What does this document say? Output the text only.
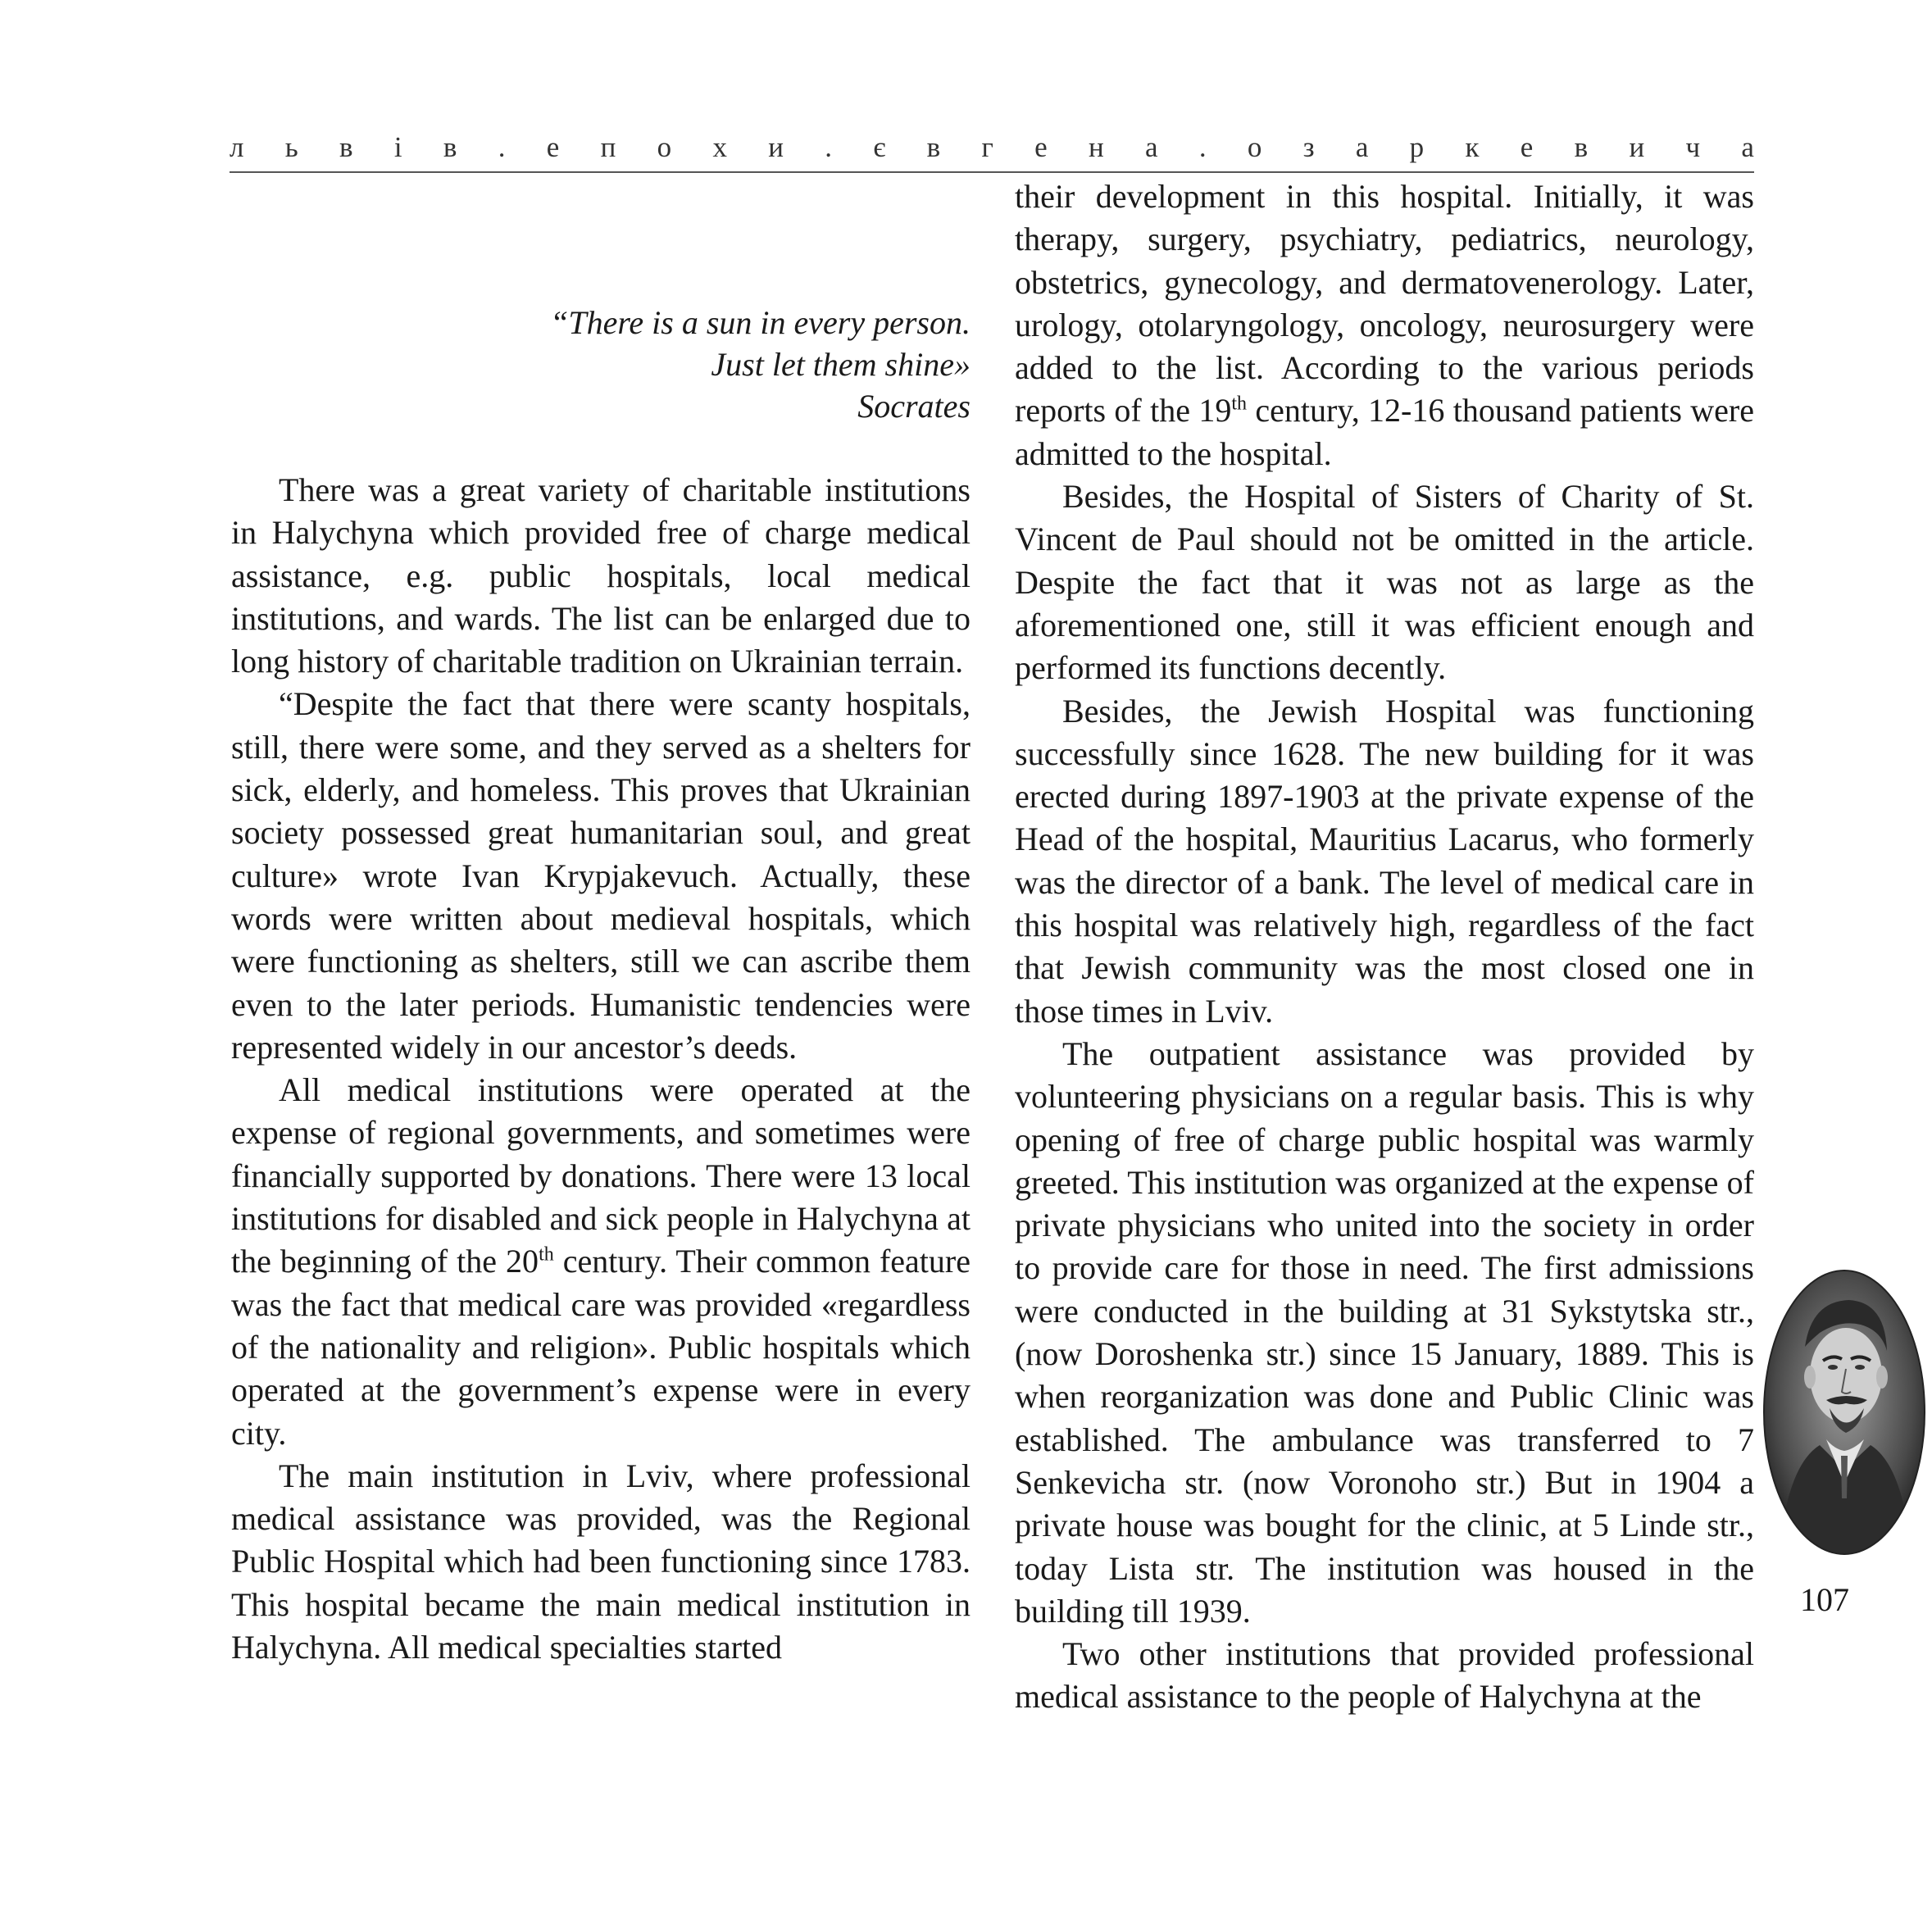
л ь в і в . е п о х и . є в г е н а . о з а р к е в и ч а
“There is a sun in every person.
Just let them shine»
Socrates

There was a great variety of charitable institutions in Halychyna which provided free of charge medical assistance, e.g. public hospitals, local medical institutions, and wards. The list can be enlarged due to long history of charitable tradition on Ukrainian terrain.

“Despite the fact that there were scanty hospitals, still, there were some, and they served as a shelters for sick, elderly, and homeless. This proves that Ukrainian society possessed great humanitarian soul, and great culture» wrote Ivan Krypjakevuch. Actually, these words were written about medieval hospitals, which were functioning as shelters, still we can ascribe them even to the later periods. Humanistic tendencies were represented widely in our ancestor’s deeds.

All medical institutions were operated at the expense of regional governments, and sometimes were financially supported by donations. There were 13 local institutions for disabled and sick people in Halychyna at the beginning of the 20th century. Their common feature was the fact that medical care was provided «regardless of the nationality and religion». Public hospitals which operated at the government’s expense were in every city.

The main institution in Lviv, where professional medical assistance was provided, was the Regional Public Hospital which had been functioning since 1783. This hospital became the main medical institution in Halychyna. All medical specialties started

their development in this hospital. Initially, it was therapy, surgery, psychiatry, pediatrics, neurology, obstetrics, gynecology, and dermatovenerology. Later, urology, otolaryngology, oncology, neurosurgery were added to the list. According to the various periods reports of the 19th century, 12-16 thousand patients were admitted to the hospital.

Besides, the Hospital of Sisters of Charity of St. Vincent de Paul should not be omitted in the article. Despite the fact that it was not as large as the aforementioned one, still it was efficient enough and performed its functions decently.

Besides, the Jewish Hospital was functioning successfully since 1628. The new building for it was erected during 1897-1903 at the private expense of the Head of the hospital, Mauritius Lacarus, who formerly was the director of a bank. The level of medical care in this hospital was relatively high, regardless of the fact that Jewish community was the most closed one in those times in Lviv.

The outpatient assistance was provided by volunteering physicians on a regular basis. This is why opening of free of charge public hospital was warmly greeted. This institution was organized at the expense of private physicians who united into the society in order to provide care for those in need. The first admissions were conducted in the building at 31 Sykstytska str., (now Doroshenka str.) since 15 January, 1889. This is when reorganization was done and Public Clinic was established. The ambulance was transferred to 7 Senkevicha str. (now Voronoho str.) But in 1904 a private house was bought for the clinic, at 5 Linde str., today Lista str. The institution was housed in the building till 1939.

Two other institutions that provided professional medical assistance to the people of Halychyna at the

107
